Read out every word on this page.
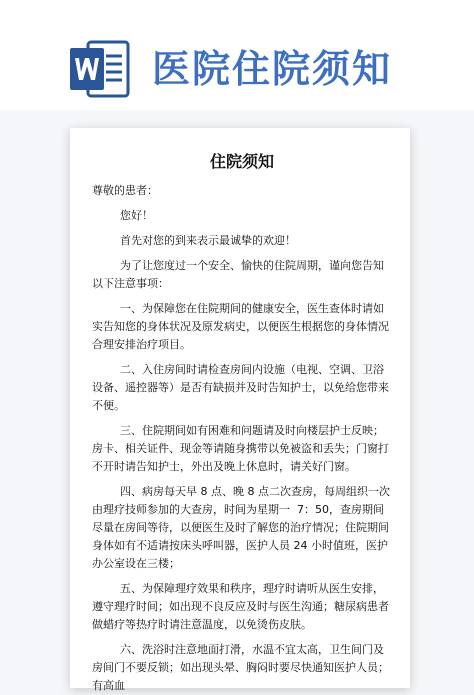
医院住院须知
住院须知

尊敬的患者：

您好！

首先对您的到来表示最诚挚的欢迎！

为了让您度过一个安全、愉快的住院周期，谨向您告知以下注意事项：

一、为保障您在住院期间的健康安全，医生查体时请如实告知您的身体状况及原发病史，以便医生根据您的身体情况合理安排治疗项目。

二、入住房间时请检查房间内设施（电视、空调、卫浴设备、遥控器等）是否有缺损并及时告知护士，以免给您带来不便。

三、住院期间如有困难和问题请及时向楼层护士反映；房卡、相关证件、现金等请随身携带以免被盗和丢失；门窗打不开时请告知护士，外出及晚上休息时，请关好门窗。

四、病房每天早 8 点、晚 8 点二次查房，每周组织一次由理疗技师参加的大查房，时间为星期一  7：50，查房期间尽量在房间等待，以便医生及时了解您的治疗情况；住院期间身体如有不适请按床头呼叫器，医护人员 24 小时值班，医护办公室设在三楼；

五、为保障理疗效果和秩序，理疗时请听从医生安排，遵守理疗时间；如出现不良反应及时与医生沟通；糖尿病患者做蜡疗等热疗时请注意温度，以免烫伤皮肤。

六、洗浴时注意地面打滑，水温不宜太高，卫生间门及房间门不要反锁；如出现头晕、胸闷时要尽快通知医护人员；有高血
